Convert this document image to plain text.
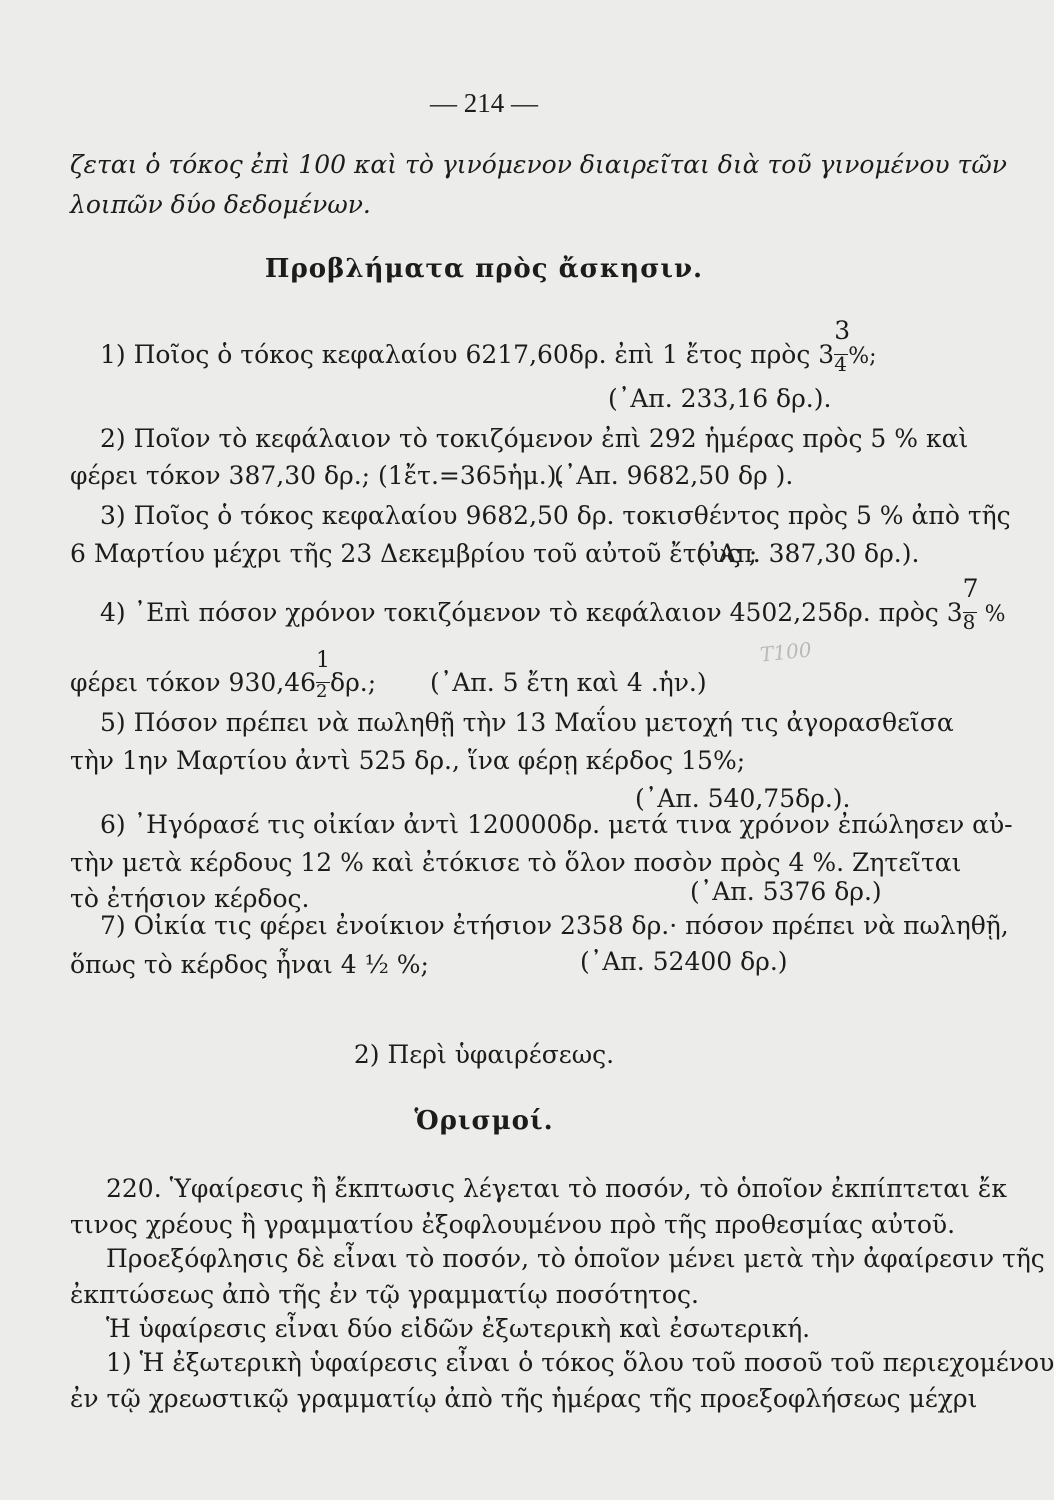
— 214 —
ζεται ὁ τόκος ἐπὶ 100 καὶ τὸ γινόμενον διαιρεῖται διὰ τοῦ γινομένου τῶν
λοιπῶν δύο δεδομένων.
Προβλήματα πρὸς ἄσκησιν.
1) Ποῖος ὁ τόκος κεφαλαίου 6217,60δρ. ἐπὶ 1 ἔτος πρὸς $3 \frac{3}{4}$ %;
(᾿Απ. 233,16 δρ.).
2) Ποῖον τὸ κεφάλαιον τὸ τοκιζόμενον ἐπὶ 292 ἡμέρας πρὸς 5 % καὶ
φέρει τόκον 387,30 δρ.; (1ἔτ.=365ἡμ.).
(᾿Απ. 9682,50 δρ ).
3) Ποῖος ὁ τόκος κεφαλαίου 9682,50 δρ. τοκισθέντος πρὸς 5 % ἀπὸ τῆς
6 Μαρτίου μέχρι τῆς 23 Δεκεμβρίου τοῦ αὐτοῦ ἔτους ;
(᾿Απ. 387,30 δρ.).
4) ᾿Επὶ πόσον χρόνον τοκιζόμενον τὸ κεφάλαιον 4502,25δρ. πρὸς $3 \frac{7}{8}$ %
φέρει τόκον $930,46 \frac{1}{2} \delta\rho$.; (᾿Απ. 5 ἔτη καὶ 4 .ἡν.)
5) Πόσον πρέπει νὰ πωληθῇ τὴν 13 Μαΐου μετοχή τις ἀγορασθεῖσα
τὴν 1ην Μαρτίου ἀντὶ 525 δρ., ἵνα φέρῃ κέρδος 15%;
(᾿Απ. 540,75δρ.).
6) ᾿Ηγόρασέ τις οἰκίαν ἀντὶ 120000δρ. μετά τινα χρόνον ἐπώλησεν αὐ-
τὴν μετὰ κέρδους 12 % καὶ ἐτόκισε τὸ ὅλον ποσὸν πρὸς 4 %. Ζητεῖται
τὸ ἐτήσιον κέρδος.	(᾿Απ. 5376 δρ.)
7) Οἰκία τις φέρει ἐνοίκιον ἐτήσιον 2358 δρ.· πόσον πρέπει νὰ πωληθῇ,
ὅπως τὸ κέρδος ἦναι 4 ½ %;	(᾿Απ. 52400 δρ.)
2) Περὶ ὑφαιρέσεως.
Ὁρισμοί.
220. Ὑφαίρεσις ἢ ἔκπτωσις λέγεται τὸ ποσόν, τὸ ὁποῖον ἐκπίπτεται ἔκ
τινος χρέους ἢ γραμματίου ἐξοφλουμένου πρὸ τῆς προθεσμίας αὐτοῦ.
Προεξόφλησις δὲ εἶναι τὸ ποσόν, τὸ ὁποῖον μένει μετὰ τὴν ἀφαίρεσιν τῆς
ἐκπτώσεως ἀπὸ τῆς ἐν τῷ γραμματίῳ ποσότητος.
Ἡ ὑφαίρεσις εἶναι δύο εἰδῶν ἐξωτερικὴ καὶ ἐσωτερική.
1) Ἡ ἐξωτερικὴ ὑφαίρεσις εἶναι ὁ τόκος ὅλου τοῦ ποσοῦ τοῦ περιεχομένου
ἐν τῷ χρεωστικῷ γραμματίῳ ἀπὸ τῆς ἡμέρας τῆς προεξοφλήσεως μέχρι
Τ100
